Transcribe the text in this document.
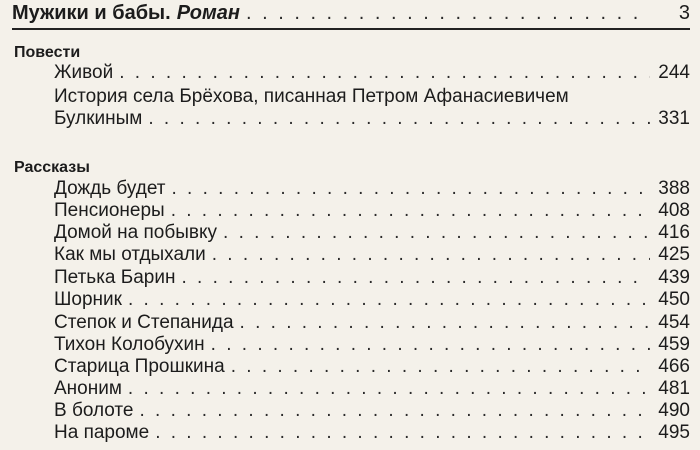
Мужики и бабы. Роман . . .	3
Повести
Живой . . .	244
История села Брёхова, писанная Петром Афанасиевичем
Булкиным . . .	331
Рассказы
Дождь будет . . .	388
Пенсионеры . . .	408
Домой на побывку . . .	416
Как мы отдыхали . . .	425
Петька Барин . . .	439
Шорник . . .	450
Степок и Степанида . . .	454
Тихон Колобухин . . .	459
Старица Прошкина . . .	466
Аноним . . .	481
В болоте . . .	490
На пароме . . .	495
